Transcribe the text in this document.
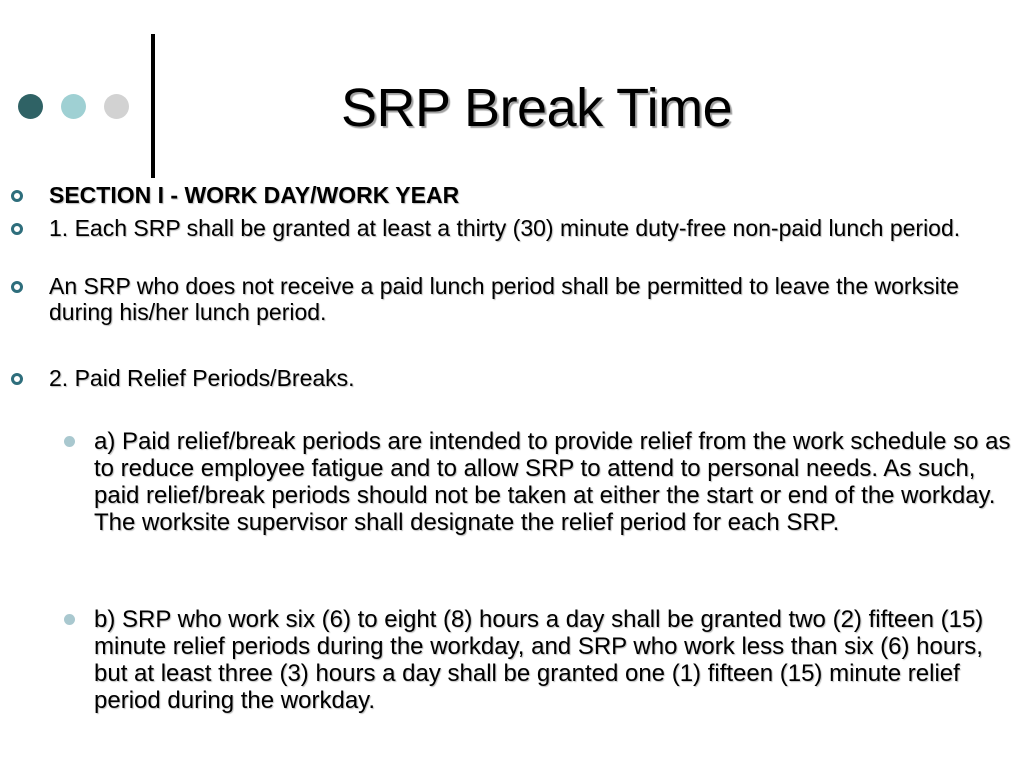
SRP Break Time
SECTION I - WORK DAY/WORK YEAR
1. Each SRP shall be granted at least a thirty (30) minute duty-free non-paid lunch period.
An SRP who does not receive a paid lunch period shall be permitted to leave the worksite during his/her lunch period.
2. Paid Relief Periods/Breaks.
a) Paid relief/break periods are intended to provide relief from the work schedule so as to reduce employee fatigue and to allow SRP to attend to personal needs. As such, paid relief/break periods should not be taken at either the start or end of the workday. The worksite supervisor shall designate the relief period for each SRP.
b) SRP who work six (6) to eight (8) hours a day shall be granted two (2) fifteen (15) minute relief periods during the workday, and SRP who work less than six (6) hours, but at least three (3) hours a day shall be granted one (1) fifteen (15) minute relief period during the workday.
